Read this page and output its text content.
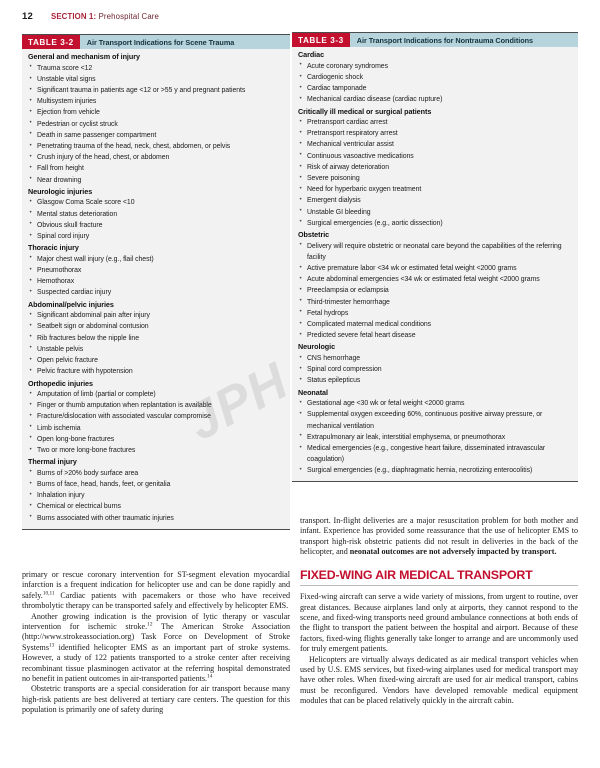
12 SECTION 1: Prehospital Care
TABLE 3-2	Air Transport Indications for Scene Trauma
General and mechanism of injury
• Trauma score <12
• Unstable vital signs
• Significant trauma in patients age <12 or >55 y and pregnant patients
• Multisystem injuries
• Ejection from vehicle
• Pedestrian or cyclist struck
• Death in same passenger compartment
• Penetrating trauma of the head, neck, chest, abdomen, or pelvis
• Crush injury of the head, chest, or abdomen
• Fall from height
• Near drowning
Neurologic injuries
• Glasgow Coma Scale score <10
• Mental status deterioration
• Obvious skull fracture
• Spinal cord injury
Thoracic injury
• Major chest wall injury (e.g., flail chest)
• Pneumothorax
• Hemothorax
• Suspected cardiac injury
Abdominal/pelvic injuries
• Significant abdominal pain after injury
• Seatbelt sign or abdominal contusion
• Rib fractures below the nipple line
• Unstable pelvis
• Open pelvic fracture
• Pelvic fracture with hypotension
Orthopedic injuries
• Amputation of limb (partial or complete)
• Finger or thumb amputation when replantation is available
• Fracture/dislocation with associated vascular compromise
• Limb ischemia
• Open long-bone fractures
• Two or more long-bone fractures
Thermal injury
• Burns of >20% body surface area
• Burns of face, head, hands, feet, or genitalia
• Inhalation injury
• Chemical or electrical burns
• Burns associated with other traumatic injuries
TABLE 3-3	Air Transport Indications for Nontrauma Conditions
Cardiac
• Acute coronary syndromes
• Cardiogenic shock
• Cardiac tamponade
• Mechanical cardiac disease (cardiac rupture)
Critically ill medical or surgical patients
• Pretransport cardiac arrest
• Pretransport respiratory arrest
• Mechanical ventricular assist
• Continuous vasoactive medications
• Risk of airway deterioration
• Severe poisoning
• Need for hyperbaric oxygen treatment
• Emergent dialysis
• Unstable GI bleeding
• Surgical emergencies (e.g., aortic dissection)
Obstetric
• Delivery will require obstetric or neonatal care beyond the capabilities of the referring facility
• Active premature labor <34 wk or estimated fetal weight <2000 grams
• Acute abdominal emergencies <34 wk or estimated fetal weight <2000 grams
• Preeclampsia or eclampsia
• Third-trimester hemorrhage
• Fetal hydrops
• Complicated maternal medical conditions
• Predicted severe fetal heart disease
Neurologic
• CNS hemorrhage
• Spinal cord compression
• Status epilepticus
Neonatal
• Gestational age <30 wk or fetal weight <2000 grams
• Supplemental oxygen exceeding 60%, continuous positive airway pressure, or mechanical ventilation
• Extrapulmonary air leak, interstitial emphysema, or pneumothorax
• Medical emergencies (e.g., congestive heart failure, disseminated intravascular coagulation)
• Surgical emergencies (e.g., diaphragmatic hernia, necrotizing enterocolitis)

primary or rescue coronary intervention for ST-segment elevation myocardial infarction is a frequent indication for helicopter use and can be done rapidly and safely.$^{10,11}$ Cardiac patients with pacemakers or those who have received thrombolytic therapy can be transported safely and effectively by helicopter EMS.

Another growing indication is the provision of lytic therapy or vascular intervention for ischemic stroke.$^{12}$ The American Stroke Association (http://www.strokeassociation.org) Task Force on Development of Stroke Systems$^{13}$ identified helicopter EMS as an important part of stroke systems. However, a study of 122 patients transported to a stroke center after receiving recombinant tissue plasminogen activator at the referring hospital demonstrated no benefit in patient outcomes in air-transported patients.$^{14}$

Obstetric transports are a special consideration for air transport because many high-risk patients are best delivered at tertiary care centers. The question for this population is primarily one of safety during

transport. In-flight deliveries are a major resuscitation problem for both mother and infant. Experience has provided some reassurance that the use of helicopter EMS to transport high-risk obstetric patients did not result in deliveries in the back of the helicopter, and neonatal outcomes are not adversely impacted by transport.

FIXED-WING AIR MEDICAL TRANSPORT

Fixed-wing aircraft can serve a wide variety of missions, from urgent to routine, over great distances. Because airplanes land only at airports, they cannot respond to the scene, and fixed-wing transports need ground ambulance connections at both ends of the flight to transport the patient between the hospital and airport. Because of these factors, fixed-wing flights generally take longer to arrange and are uncommonly used for truly emergent patients.

Helicopters are virtually always dedicated as air medical transport vehicles when used by U.S. EMS services, but fixed-wing airplanes used for medical transport may have other roles. When fixed-wing aircraft are used for air medical transport, cabins must be reconfigured. Vendors have developed removable medical equipment modules that can be placed relatively quickly in the aircraft cabin.
